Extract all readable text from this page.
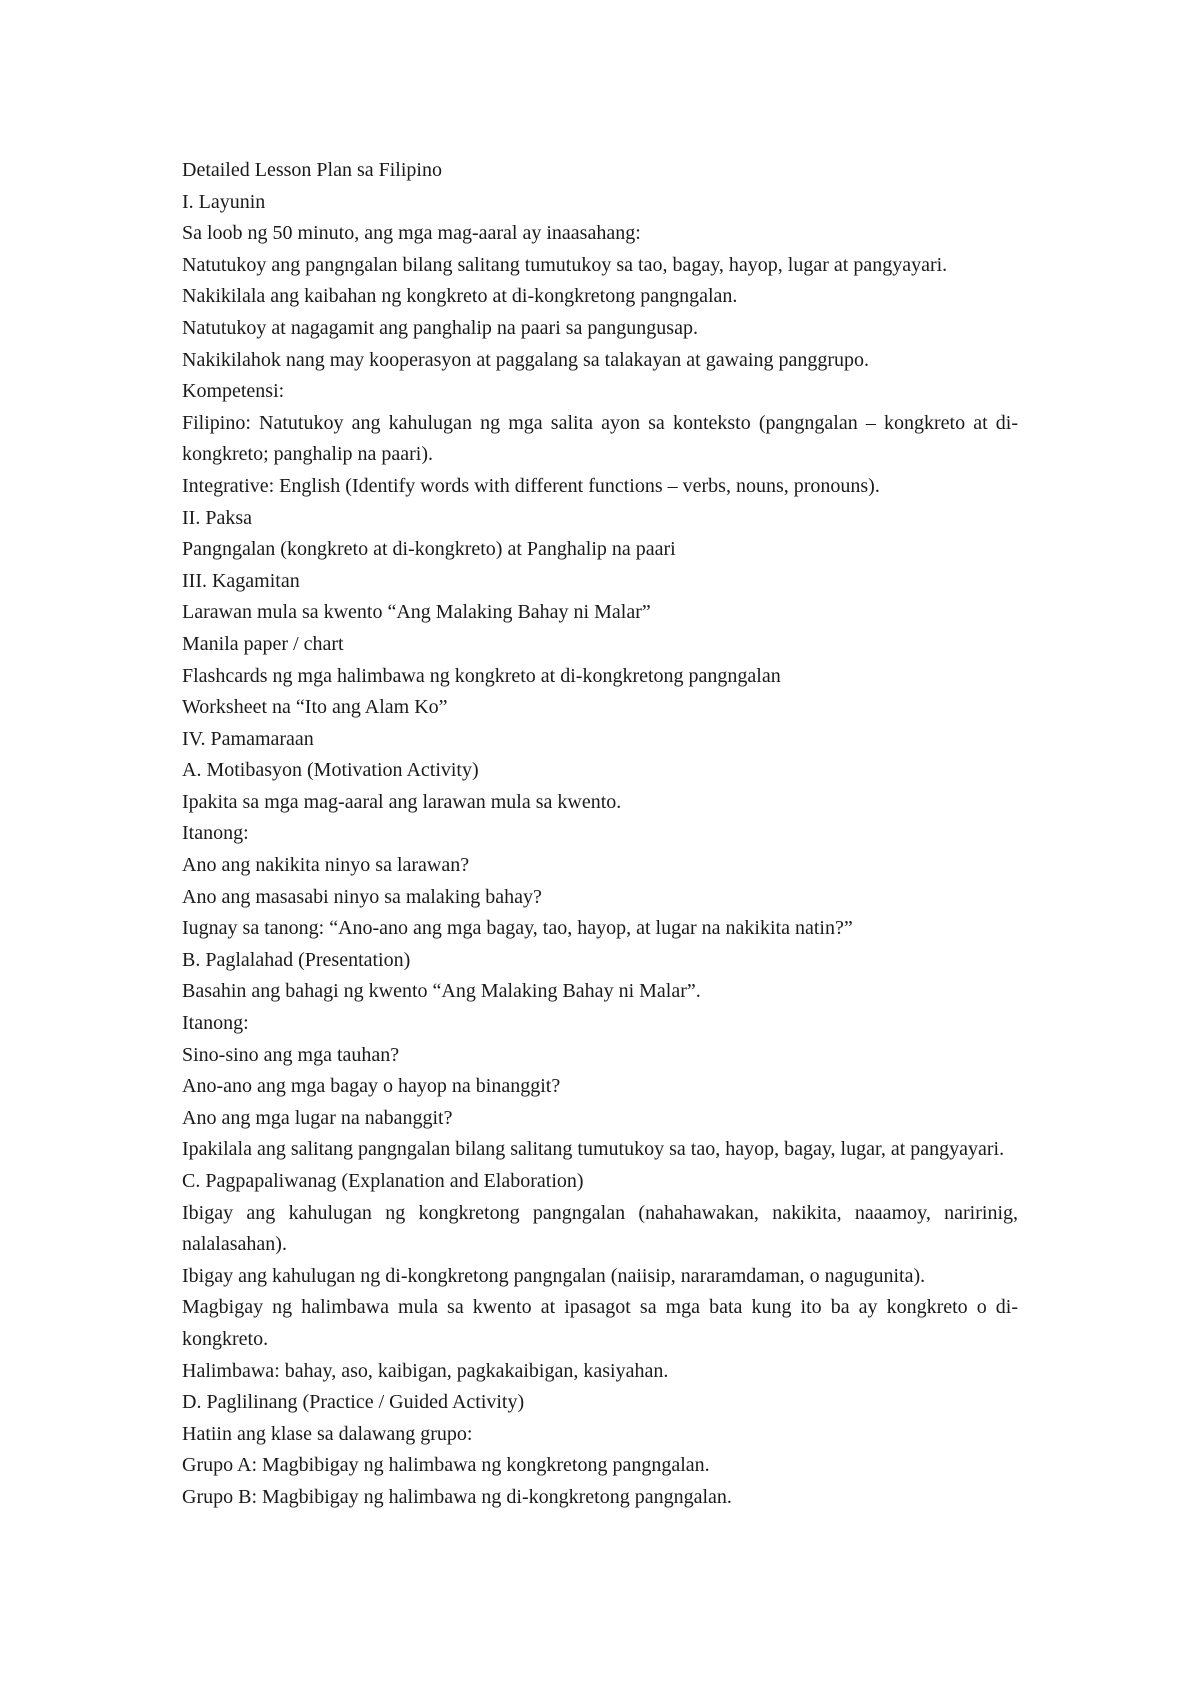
Detailed Lesson Plan sa Filipino

I. Layunin

Sa loob ng 50 minuto, ang mga mag-aaral ay inaasahang:

Natutukoy ang pangngalan bilang salitang tumutukoy sa tao, bagay, hayop, lugar at pangyayari.

Nakikilala ang kaibahan ng kongkreto at di-kongkretong pangngalan.

Natutukoy at nagagamit ang panghalip na paari sa pangungusap.

Nakikilahok nang may kooperasyon at paggalang sa talakayan at gawaing panggrupo.

Kompetensi:

Filipino: Natutukoy ang kahulugan ng mga salita ayon sa konteksto (pangngalan – kongkreto at di-kongkreto; panghalip na paari).

Integrative: English (Identify words with different functions – verbs, nouns, pronouns).

II. Paksa

Pangngalan (kongkreto at di-kongkreto) at Panghalip na paari

III. Kagamitan

Larawan mula sa kwento “Ang Malaking Bahay ni Malar”

Manila paper / chart

Flashcards ng mga halimbawa ng kongkreto at di-kongkretong pangngalan

Worksheet na “Ito ang Alam Ko”

IV. Pamamaraan

A. Motibasyon (Motivation Activity)

Ipakita sa mga mag-aaral ang larawan mula sa kwento.

Itanong:

Ano ang nakikita ninyo sa larawan?

Ano ang masasabi ninyo sa malaking bahay?

Iugnay sa tanong: “Ano-ano ang mga bagay, tao, hayop, at lugar na nakikita natin?”

B. Paglalahad (Presentation)

Basahin ang bahagi ng kwento “Ang Malaking Bahay ni Malar”.

Itanong:

Sino-sino ang mga tauhan?

Ano-ano ang mga bagay o hayop na binanggit?

Ano ang mga lugar na nabanggit?

Ipakilala ang salitang pangngalan bilang salitang tumutukoy sa tao, hayop, bagay, lugar, at pangyayari.

C. Pagpapaliwanag (Explanation and Elaboration)

Ibigay ang kahulugan ng kongkretong pangngalan (nahahawakan, nakikita, naaamoy, naririnig, nalalasahan).

Ibigay ang kahulugan ng di-kongkretong pangngalan (naiisip, nararamdaman, o nagugunita).

Magbigay ng halimbawa mula sa kwento at ipasagot sa mga bata kung ito ba ay kongkreto o di-kongkreto.

Halimbawa: bahay, aso, kaibigan, pagkakaibigan, kasiyahan.

D. Paglilinang (Practice / Guided Activity)

Hatiin ang klase sa dalawang grupo:

Grupo A: Magbibigay ng halimbawa ng kongkretong pangngalan.

Grupo B: Magbibigay ng halimbawa ng di-kongkretong pangngalan.
